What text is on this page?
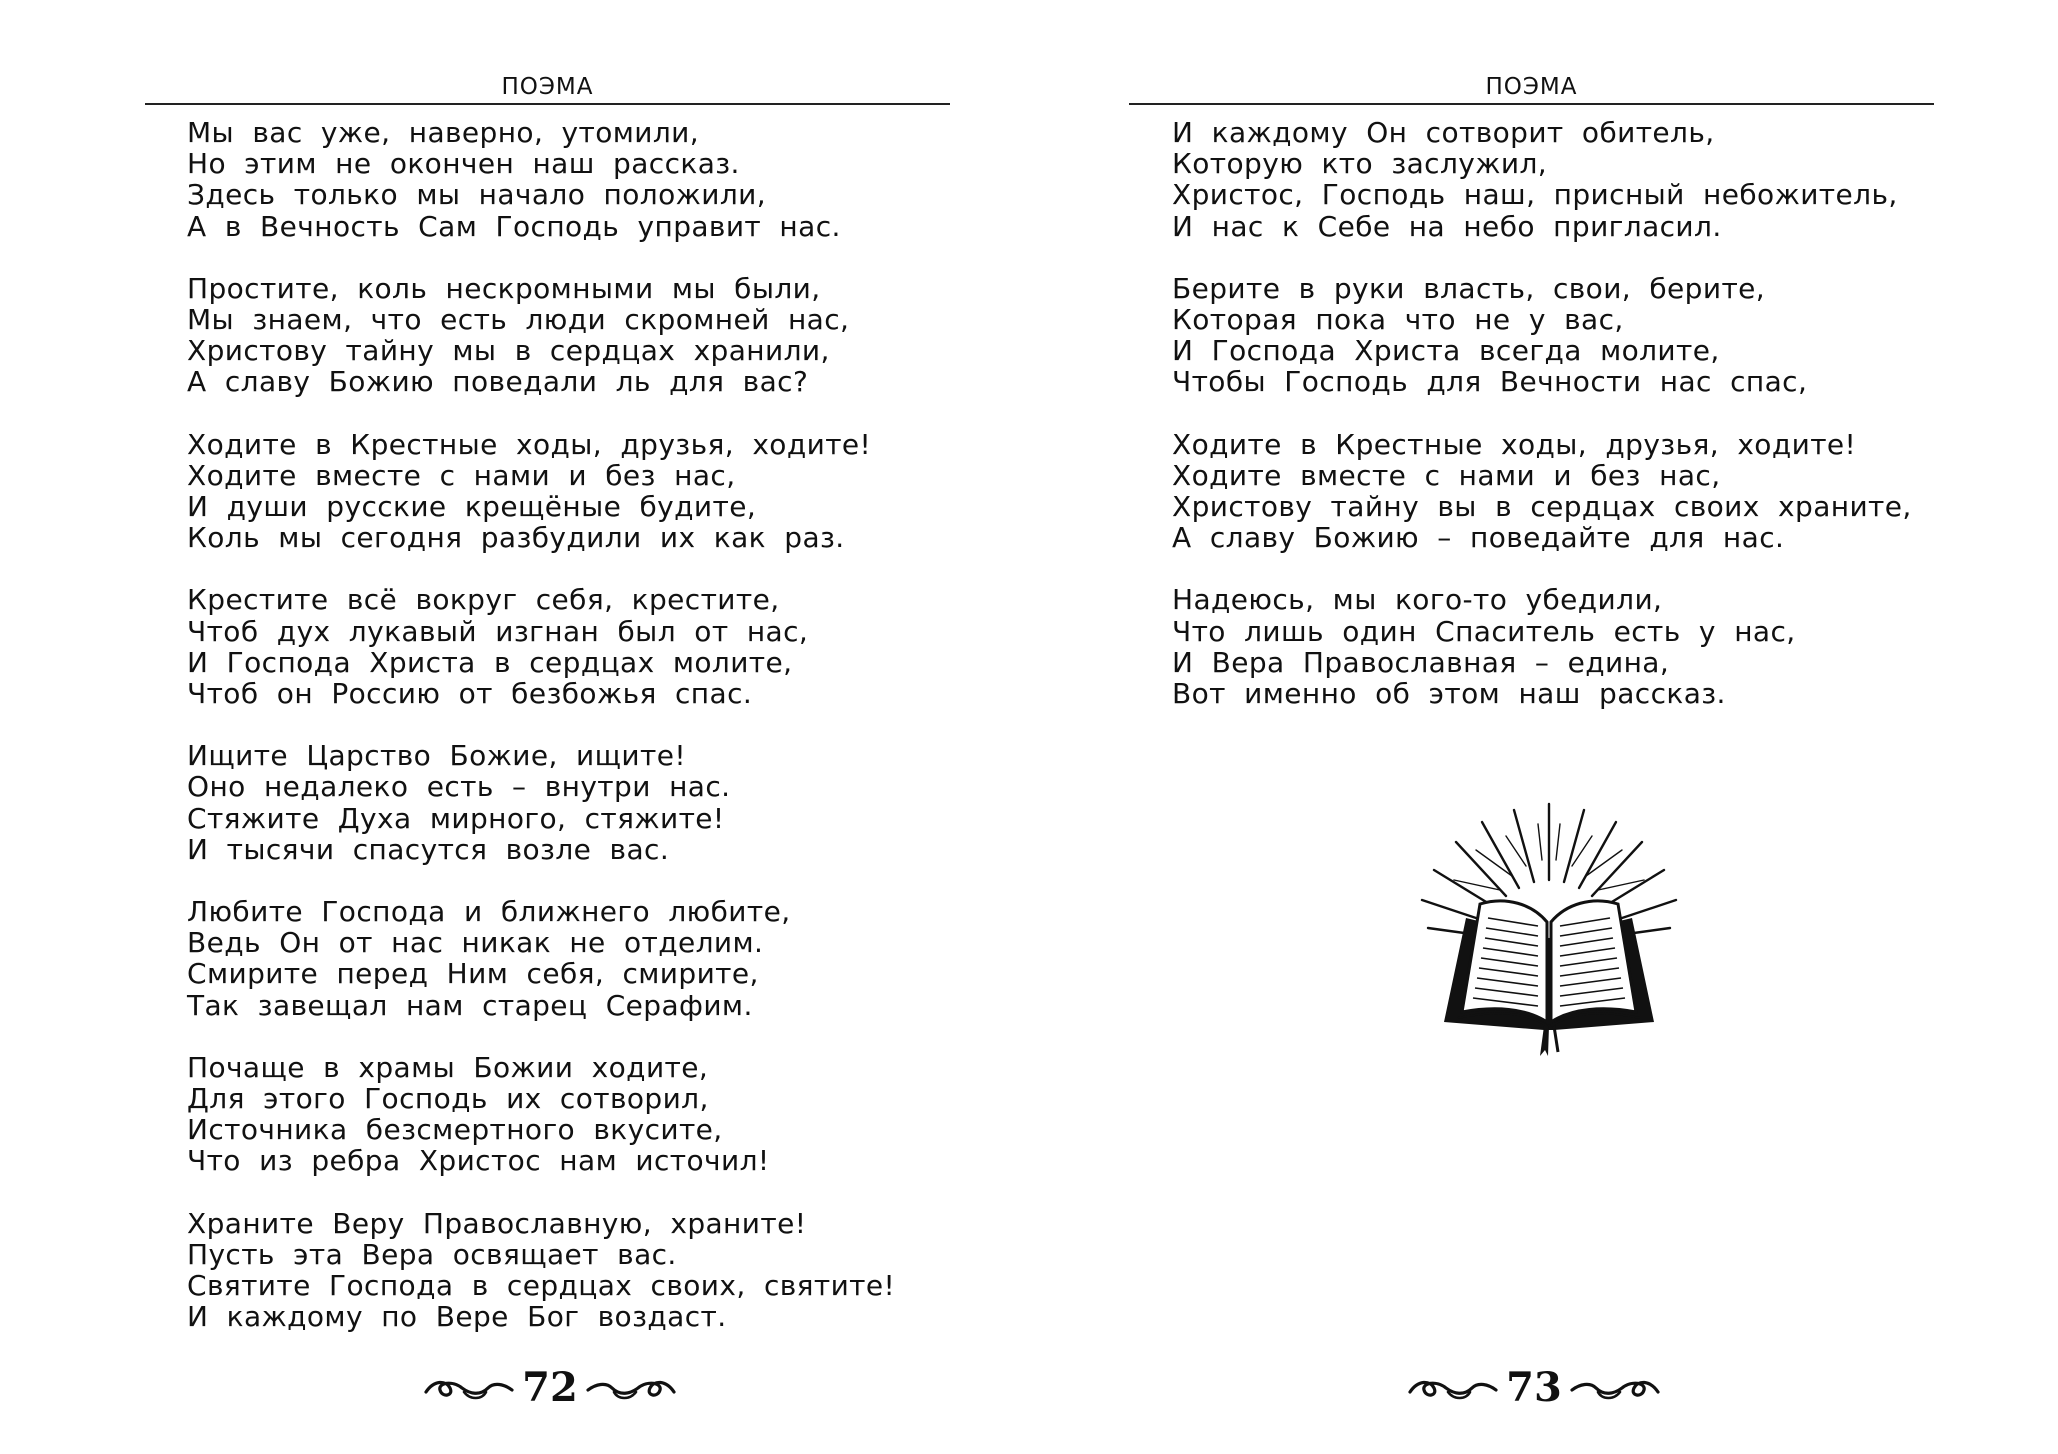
ПОЭМА
Мы вас уже, наверно, утомили,
Но этим не окончен наш рассказ.
Здесь только мы начало положили,
А в Вечность Сам Господь управит нас.
Простите, коль нескромными мы были,
Мы знаем, что есть люди скромней нас,
Христову тайну мы в сердцах хранили,
А славу Божию поведали ль для вас?
Ходите в Крестные ходы, друзья, ходите!
Ходите вместе с нами и без нас,
И души русские крещёные будите,
Коль мы сегодня разбудили их как раз.
Крестите всё вокруг себя, крестите,
Чтоб дух лукавый изгнан был от нас,
И Господа Христа в сердцах молите,
Чтоб он Россию от безбожья спас.
Ищите Царство Божие, ищите!
Оно недалеко есть – внутри нас.
Стяжите Духа мирного, стяжите!
И тысячи спасутся возле вас.
Любите Господа и ближнего любите,
Ведь Он от нас никак не отделим.
Смирите перед Ним себя, смирите,
Так завещал нам старец Серафим.
Почаще в храмы Божии ходите,
Для этого Господь их сотворил,
Источника безсмертного вкусите,
Что из ребра Христос нам источил!
Храните Веру Православную, храните!
Пусть эта Вера освящает вас.
Святите Господа в сердцах своих, святите!
И каждому по Вере Бог воздаст.
72
ПОЭМА
И каждому Он сотворит обитель,
Которую кто заслужил,
Христос, Господь наш, присный небожитель,
И нас к Себе на небо пригласил.
Берите в руки власть, свои, берите,
Которая пока что не у вас,
И Господа Христа всегда молите,
Чтобы Господь для Вечности нас спас,
Ходите в Крестные ходы, друзья, ходите!
Ходите вместе с нами и без нас,
Христову тайну вы в сердцах своих храните,
А славу Божию – поведайте для нас.
Надеюсь, мы кого-то убедили,
Что лишь один Спаситель есть у нас,
И Вера Православная – едина,
Вот именно об этом наш рассказ.
73
